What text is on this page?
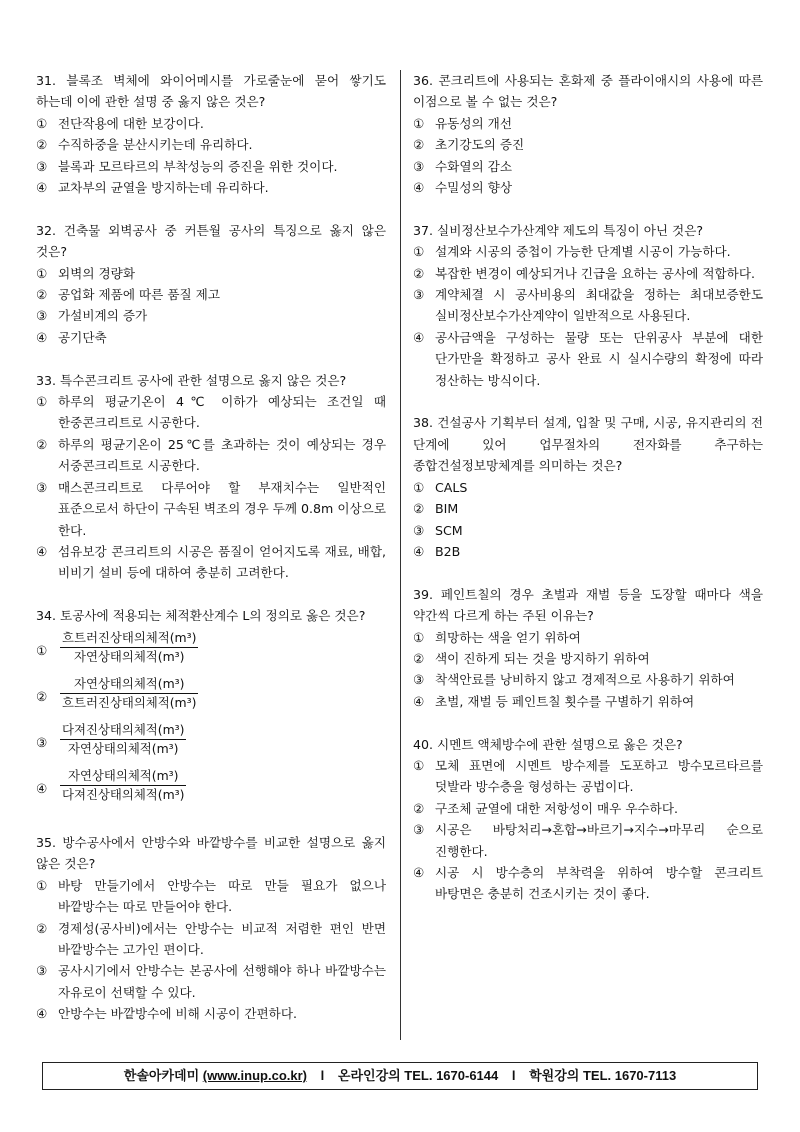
31. 블록조 벽체에 와이어메시를 가로줄눈에 묻어 쌓기도 하는데 이에 관한 설명 중 옳지 않은 것은?
① 전단작용에 대한 보강이다.
② 수직하중을 분산시키는데 유리하다.
③ 블록과 모르타르의 부착성능의 증진을 위한 것이다.
④ 교차부의 균열을 방지하는데 유리하다.
32. 건축물 외벽공사 중 커튼월 공사의 특징으로 옳지 않은 것은?
① 외벽의 경량화
② 공업화 제품에 따른 품질 제고
③ 가설비계의 증가
④ 공기단축
33. 특수콘크리트 공사에 관한 설명으로 옳지 않은 것은?
① 하루의 평균기온이 4℃ 이하가 예상되는 조건일 때 한중콘크리트로 시공한다.
② 하루의 평균기온이 25℃를 초과하는 것이 예상되는 경우 서중콘크리트로 시공한다.
③ 매스콘크리트로 다루어야 할 부재치수는 일반적인 표준으로서 하단이 구속된 벽조의 경우 두께 0.8m 이상으로 한다.
④ 섬유보강 콘크리트의 시공은 품질이 얻어지도록 재료, 배합, 비비기 설비 등에 대하여 충분히 고려한다.
34. 토공사에 적용되는 체적환산계수 L의 정의로 옳은 것은?
① $\frac{\text{흐트러진상태의체적(m³)}}{\text{자연상태의체적(m³)}}$
② $\frac{\text{자연상태의체적(m³)}}{\text{흐트러진상태의체적(m³)}}$
③ $\frac{\text{다져진상태의체적(m³)}}{\text{자연상태의체적(m³)}}$
④ $\frac{\text{자연상태의체적(m³)}}{\text{다져진상태의체적(m³)}}$
35. 방수공사에서 안방수와 바깥방수를 비교한 설명으로 옳지 않은 것은?
① 바탕 만들기에서 안방수는 따로 만들 필요가 없으나 바깥방수는 따로 만들어야 한다.
② 경제성(공사비)에서는 안방수는 비교적 저렴한 편인 반면 바깥방수는 고가인 편이다.
③ 공사시기에서 안방수는 본공사에 선행해야 하나 바깥방수는 자유로이 선택할 수 있다.
④ 안방수는 바깥방수에 비해 시공이 간편하다.
36. 콘크리트에 사용되는 혼화제 중 플라이애시의 사용에 따른 이점으로 볼 수 없는 것은?
① 유동성의 개선
② 초기강도의 증진
③ 수화열의 감소
④ 수밀성의 향상
37. 실비정산보수가산계약 제도의 특징이 아닌 것은?
① 설계와 시공의 중첩이 가능한 단계별 시공이 가능하다.
② 복잡한 변경이 예상되거나 긴급을 요하는 공사에 적합하다.
③ 계약체결 시 공사비용의 최대값을 정하는 최대보증한도 실비정산보수가산계약이 일반적으로 사용된다.
④ 공사금액을 구성하는 물량 또는 단위공사 부분에 대한 단가만을 확정하고 공사 완료 시 실시수량의 확정에 따라 정산하는 방식이다.
38. 건설공사 기획부터 설계, 입찰 및 구매, 시공, 유지관리의 전 단계에 있어 업무절차의 전자화를 추구하는 종합건설정보망체계를 의미하는 것은?
① CALS
② BIM
③ SCM
④ B2B
39. 페인트칠의 경우 초벌과 재벌 등을 도장할 때마다 색을 약간씩 다르게 하는 주된 이유는?
① 희망하는 색을 얻기 위하여
② 색이 진하게 되는 것을 방지하기 위하여
③ 착색안료를 낭비하지 않고 경제적으로 사용하기 위하여
④ 초벌, 재벌 등 페인트칠 횟수를 구별하기 위하여
40. 시멘트 액체방수에 관한 설명으로 옳은 것은?
① 모체 표면에 시멘트 방수제를 도포하고 방수모르타르를 덧발라 방수층을 형성하는 공법이다.
② 구조체 균열에 대한 저항성이 매우 우수하다.
③ 시공은 바탕처리→혼합→바르기→지수→마무리 순으로 진행한다.
④ 시공 시 방수층의 부착력을 위하여 방수할 콘크리트 바탕면은 충분히 건조시키는 것이 좋다.
한솔아카데미 (www.inup.co.kr) l 온라인강의 TEL. 1670-6144 l 학원강의 TEL. 1670-7113
